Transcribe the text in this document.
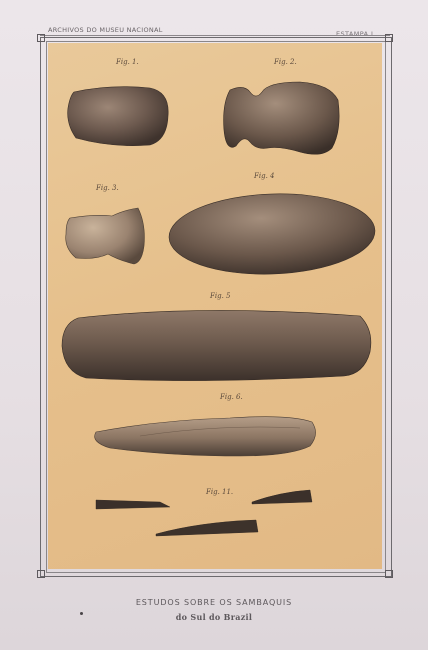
ARCHIVOS DO MUSEU NACIONAL	ESTAMPA I
Fig. 1.	Fig. 2.
Fig. 3.
Fig. 4
Fig. 5
Fig. 6.
Fig. 11.
ESTUDOS SOBRE OS SAMBAQUIS
do Sul do Brazil
